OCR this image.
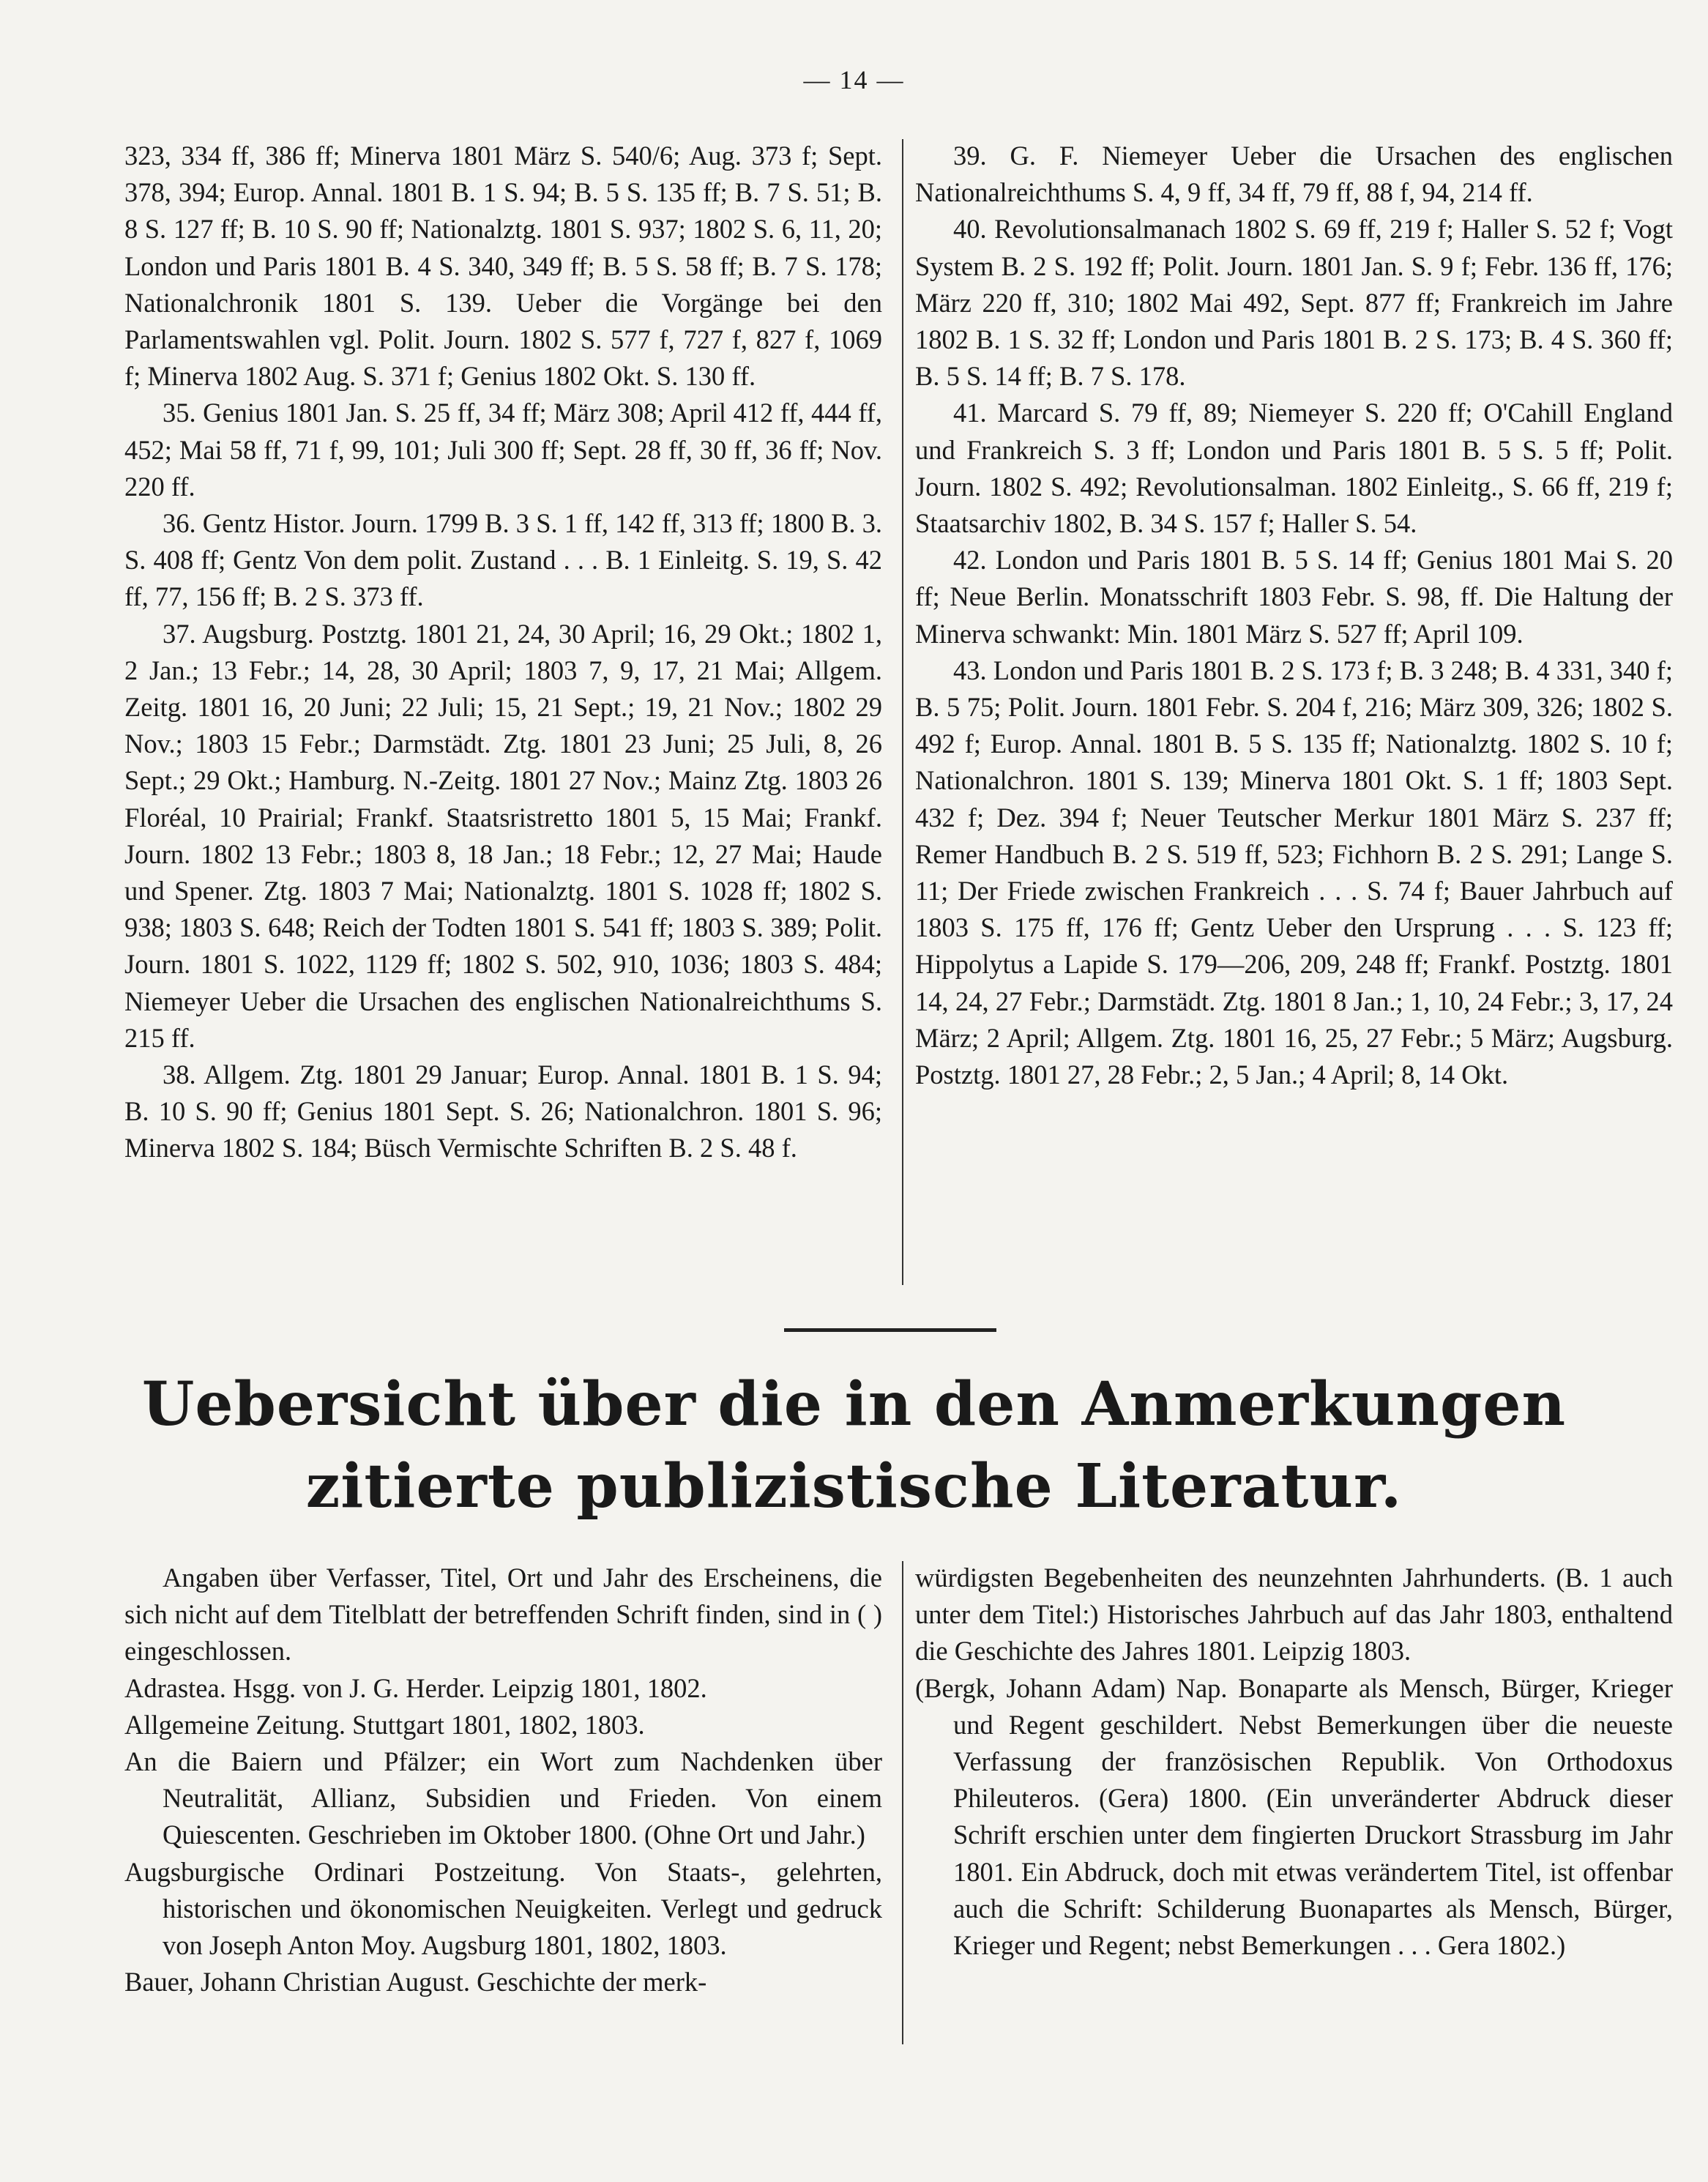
— 14 —

323, 334 ff, 386 ff; Minerva 1801 März S. 540/6; Aug. 373 f; Sept. 378, 394; Europ. Annal. 1801 B. 1 S. 94; B. 5 S. 135 ff; B. 7 S. 51; B. 8 S. 127 ff; B. 10 S. 90 ff; Nationalztg. 1801 S. 937; 1802 S. 6, 11, 20; London und Paris 1801 B. 4 S. 340, 349 ff; B. 5 S. 58 ff; B. 7 S. 178; Nationalchronik 1801 S. 139. Ueber die Vorgänge bei den Parlamentswahlen vgl. Polit. Journ. 1802 S. 577 f, 727 f, 827 f, 1069 f; Minerva 1802 Aug. S. 371 f; Genius 1802 Okt. S. 130 ff.

35. Genius 1801 Jan. S. 25 ff, 34 ff; März 308; April 412 ff, 444 ff, 452; Mai 58 ff, 71 f, 99, 101; Juli 300 ff; Sept. 28 ff, 30 ff, 36 ff; Nov. 220 ff.

36. Gentz Histor. Journ. 1799 B. 3 S. 1 ff, 142 ff, 313 ff; 1800 B. 3. S. 408 ff; Gentz Von dem polit. Zustand . . . B. 1 Einleitg. S. 19, S. 42 ff, 77, 156 ff; B. 2 S. 373 ff.

37. Augsburg. Postztg. 1801 21, 24, 30 April; 16, 29 Okt.; 1802 1, 2 Jan.; 13 Febr.; 14, 28, 30 April; 1803 7, 9, 17, 21 Mai; Allgem. Zeitg. 1801 16, 20 Juni; 22 Juli; 15, 21 Sept.; 19, 21 Nov.; 1802 29 Nov.; 1803 15 Febr.; Darmstädt. Ztg. 1801 23 Juni; 25 Juli, 8, 26 Sept.; 29 Okt.; Hamburg. N.-Zeitg. 1801 27 Nov.; Mainz Ztg. 1803 26 Floréal, 10 Prairial; Frankf. Staatsristretto 1801 5, 15 Mai; Frankf. Journ. 1802 13 Febr.; 1803 8, 18 Jan.; 18 Febr.; 12, 27 Mai; Haude und Spener. Ztg. 1803 7 Mai; Nationalztg. 1801 S. 1028 ff; 1802 S. 938; 1803 S. 648; Reich der Todten 1801 S. 541 ff; 1803 S. 389; Polit. Journ. 1801 S. 1022, 1129 ff; 1802 S. 502, 910, 1036; 1803 S. 484; Niemeyer Ueber die Ursachen des englischen Nationalreichthums S. 215 ff.

38. Allgem. Ztg. 1801 29 Januar; Europ. Annal. 1801 B. 1 S. 94; B. 10 S. 90 ff; Genius 1801 Sept. S. 26; Nationalchron. 1801 S. 96; Minerva 1802 S. 184; Büsch Vermischte Schriften B. 2 S. 48 f.

39. G. F. Niemeyer Ueber die Ursachen des englischen Nationalreichthums S. 4, 9 ff, 34 ff, 79 ff, 88 f, 94, 214 ff.

40. Revolutionsalmanach 1802 S. 69 ff, 219 f; Haller S. 52 f; Vogt System B. 2 S. 192 ff; Polit. Journ. 1801 Jan. S. 9 f; Febr. 136 ff, 176; März 220 ff, 310; 1802 Mai 492, Sept. 877 ff; Frankreich im Jahre 1802 B. 1 S. 32 ff; London und Paris 1801 B. 2 S. 173; B. 4 S. 360 ff; B. 5 S. 14 ff; B. 7 S. 178.

41. Marcard S. 79 ff, 89; Niemeyer S. 220 ff; O'Cahill England und Frankreich S. 3 ff; London und Paris 1801 B. 5 S. 5 ff; Polit. Journ. 1802 S. 492; Revolutionsalman. 1802 Einleitg., S. 66 ff, 219 f; Staatsarchiv 1802, B. 34 S. 157 f; Haller S. 54.

42. London und Paris 1801 B. 5 S. 14 ff; Genius 1801 Mai S. 20 ff; Neue Berlin. Monatsschrift 1803 Febr. S. 98, ff. Die Haltung der Minerva schwankt: Min. 1801 März S. 527 ff; April 109.

43. London und Paris 1801 B. 2 S. 173 f; B. 3 248; B. 4 331, 340 f; B. 5 75; Polit. Journ. 1801 Febr. S. 204 f, 216; März 309, 326; 1802 S. 492 f; Europ. Annal. 1801 B. 5 S. 135 ff; Nationalztg. 1802 S. 10 f; Nationalchron. 1801 S. 139; Minerva 1801 Okt. S. 1 ff; 1803 Sept. 432 f; Dez. 394 f; Neuer Teutscher Merkur 1801 März S. 237 ff; Remer Handbuch B. 2 S. 519 ff, 523; Fichhorn B. 2 S. 291; Lange S. 11; Der Friede zwischen Frankreich . . . S. 74 f; Bauer Jahrbuch auf 1803 S. 175 ff, 176 ff; Gentz Ueber den Ursprung . . . S. 123 ff; Hippolytus a Lapide S. 179—206, 209, 248 ff; Frankf. Postztg. 1801 14, 24, 27 Febr.; Darmstädt. Ztg. 1801 8 Jan.; 1, 10, 24 Febr.; 3, 17, 24 März; 2 April; Allgem. Ztg. 1801 16, 25, 27 Febr.; 5 März; Augsburg. Postztg. 1801 27, 28 Febr.; 2, 5 Jan.; 4 April; 8, 14 Okt.

Uebersicht über die in den Anmerkungen
zitierte publizistische Literatur.

Angaben über Verfasser, Titel, Ort und Jahr des Erscheinens, die sich nicht auf dem Titelblatt der betreffenden Schrift finden, sind in ( ) eingeschlossen.

Adrastea. Hsgg. von J. G. Herder. Leipzig 1801, 1802.

Allgemeine Zeitung. Stuttgart 1801, 1802, 1803.

An die Baiern und Pfälzer; ein Wort zum Nachdenken über Neutralität, Allianz, Subsidien und Frieden. Von einem Quiescenten. Geschrieben im Oktober 1800. (Ohne Ort und Jahr.)

Augsburgische Ordinari Postzeitung. Von Staats-, gelehrten, historischen und ökonomischen Neuigkeiten. Verlegt und gedruck von Joseph Anton Moy. Augsburg 1801, 1802, 1803.

Bauer, Johann Christian August. Geschichte der merk-

würdigsten Begebenheiten des neunzehnten Jahrhunderts. (B. 1 auch unter dem Titel:) Historisches Jahrbuch auf das Jahr 1803, enthaltend die Geschichte des Jahres 1801. Leipzig 1803.

(Bergk, Johann Adam) Nap. Bonaparte als Mensch, Bürger, Krieger und Regent geschildert. Nebst Bemerkungen über die neueste Verfassung der französischen Republik. Von Orthodoxus Phileuteros. (Gera) 1800. (Ein unveränderter Abdruck dieser Schrift erschien unter dem fingierten Druckort Strassburg im Jahr 1801. Ein Abdruck, doch mit etwas verändertem Titel, ist offenbar auch die Schrift: Schilderung Buonapartes als Mensch, Bürger, Krieger und Regent; nebst Bemerkungen . . . Gera 1802.)
